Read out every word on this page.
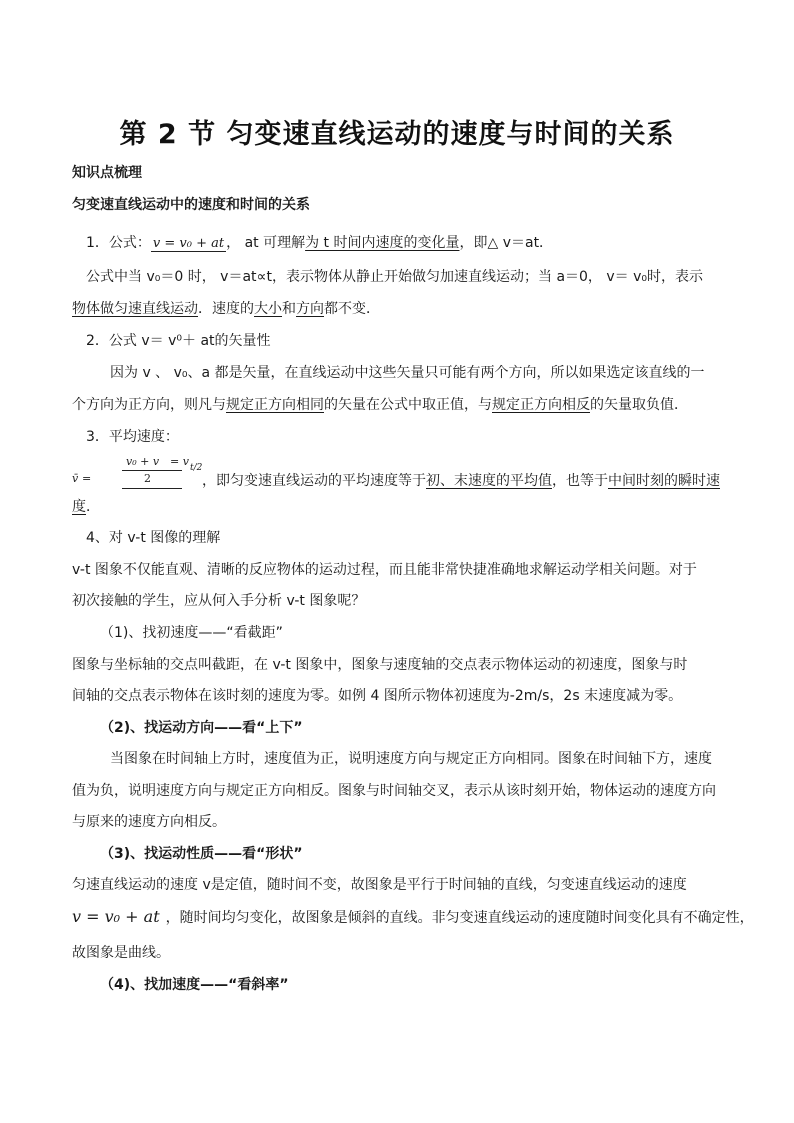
第 2 节 匀变速直线运动的速度与时间的关系
知识点梳理
匀变速直线运动中的速度和时间的关系
1．公式： v = v₀ + at ， at 可理解为 t 时间内速度的变化量，即△ v＝at．
公式中当 v₀＝0 时， v＝at∝t，表示物体从静止开始做匀加速直线运动；当 a＝0， v＝ v₀时，表示
物体做匀速直线运动．速度的大小和方向都不变．
2．公式 v＝ v⁰＋ at的矢量性
因为 v 、 v₀、a 都是矢量，在直线运动中这些矢量只可能有两个方向，所以如果选定该直线的一
个方向为正方向，则凡与规定正方向相同的矢量在公式中取正值，与规定正方向相反的矢量取负值．
3．平均速度：
v̄ =
v₀ + v = v
2
t/2
，即匀变速直线运动的平均速度等于初、末速度的平均值，也等于中间时刻的瞬时速
度．
4、对 v-t 图像的理解
v-t 图象不仅能直观、清晰的反应物体的运动过程，而且能非常快捷准确地求解运动学相关问题。对于
初次接触的学生，应从何入手分析 v-t 图象呢？
（1)、找初速度——“看截距”
图象与坐标轴的交点叫截距，在 v-t 图象中，图象与速度轴的交点表示物体运动的初速度，图象与时
间轴的交点表示物体在该时刻的速度为零。如例 4 图所示物体初速度为-2m/s，2s 末速度减为零。
（2)、找运动方向——看“上下”
当图象在时间轴上方时，速度值为正，说明速度方向与规定正方向相同。图象在时间轴下方，速度
值为负，说明速度方向与规定正方向相反。图象与时间轴交叉，表示从该时刻开始，物体运动的速度方向
与原来的速度方向相反。
（3)、找运动性质——看“形状”
匀速直线运动的速度 v是定值，随时间不变，故图象是平行于时间轴的直线，匀变速直线运动的速度
v = v₀ + at ，随时间均匀变化，故图象是倾斜的直线。非匀变速直线运动的速度随时间变化具有不确定性，
故图象是曲线。
（4)、找加速度——“看斜率”
